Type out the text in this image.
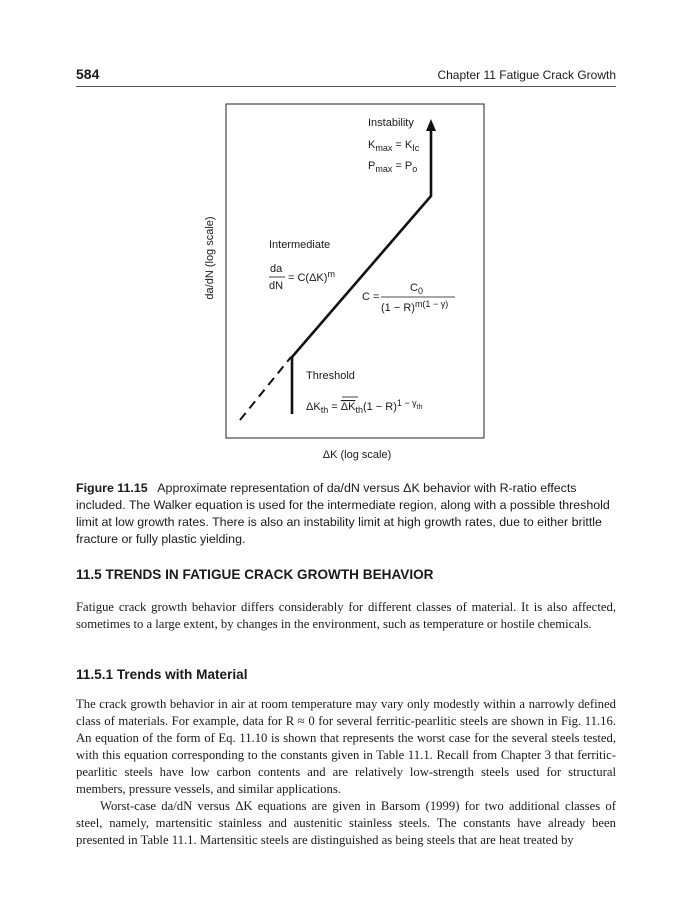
584	Chapter 11 Fatigue Crack Growth
da/dN (log scale)
ΔK (log scale)
Instability
$K_{max} = K_{Ic}$
$P_{max} = P_o$
Intermediate
da
dN
= $C(\Delta K)^m$
C =
$C_0$
$(1 - R)^{m(1 - \gamma)}$
Threshold
$\Delta K_{th} = \Delta K_{th}(1 - R)^{1 - \gamma}_{th}$
Figure 11.15 Approximate representation of da/dN versus ΔK behavior with R-ratio effects included. The Walker equation is used for the intermediate region, along with a possible threshold limit at low growth rates. There is also an instability limit at high growth rates, due to either brittle fracture or fully plastic yielding.
11.5 TRENDS IN FATIGUE CRACK GROWTH BEHAVIOR

Fatigue crack growth behavior differs considerably for different classes of material. It is also affected, sometimes to a large extent, by changes in the environment, such as temperature or hostile chemicals.

11.5.1 Trends with Material

The crack growth behavior in air at room temperature may vary only modestly within a narrowly defined class of materials. For example, data for R ≈ 0 for several ferritic-pearlitic steels are shown in Fig. 11.16. An equation of the form of Eq. 11.10 is shown that represents the worst case for the several steels tested, with this equation corresponding to the constants given in Table 11.1. Recall from Chapter 3 that ferritic-pearlitic steels have low carbon contents and are relatively low-strength steels used for structural members, pressure vessels, and similar applications.

Worst-case da/dN versus ΔK equations are given in Barsom (1999) for two additional classes of steel, namely, martensitic stainless and austenitic stainless steels. The constants have already been presented in Table 11.1. Martensitic steels are distinguished as being steels that are heat treated by
